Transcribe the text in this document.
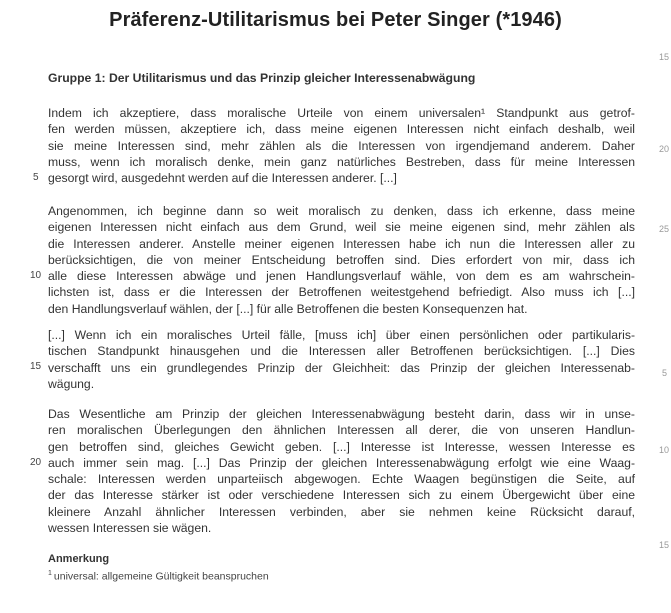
Präferenz-Utilitarismus bei Peter Singer (*1946)
Gruppe 1: Der Utilitarismus und das Prinzip gleicher Interessenabwägung
Indem ich akzeptiere, dass moralische Urteile von einem universalen¹ Standpunkt aus getrof-
fen werden müssen, akzeptiere ich, dass meine eigenen Interessen nicht einfach deshalb, weil
sie meine Interessen sind, mehr zählen als die Interessen von irgendjemand anderem. Daher
muss, wenn ich moralisch denke, mein ganz natürliches Bestreben, dass für meine Interessen
gesorgt wird, ausgedehnt werden auf die Interessen anderer. [...]
Angenommen, ich beginne dann so weit moralisch zu denken, dass ich erkenne, dass meine
eigenen Interessen nicht einfach aus dem Grund, weil sie meine eigenen sind, mehr zählen als
die Interessen anderer. Anstelle meiner eigenen Interessen habe ich nun die Interessen aller zu
berücksichtigen, die von meiner Entscheidung betroffen sind. Dies erfordert von mir, dass ich
alle diese Interessen abwäge und jenen Handlungsverlauf wähle, von dem es am wahrschein-
lichsten ist, dass er die Interessen der Betroffenen weitestgehend befriedigt. Also muss ich [...]
den Handlungsverlauf wählen, der [...] für alle Betroffenen die besten Konsequenzen hat.
[...] Wenn ich ein moralisches Urteil fälle, [muss ich] über einen persönlichen oder partikularis-
tischen Standpunkt hinausgehen und die Interessen aller Betroffenen berücksichtigen. [...] Dies
verschafft uns ein grundlegendes Prinzip der Gleichheit: das Prinzip der gleichen Interessenab-
wägung.
Das Wesentliche am Prinzip der gleichen Interessenabwägung besteht darin, dass wir in unse-
ren moralischen Überlegungen den ähnlichen Interessen all derer, die von unseren Handlun-
gen betroffen sind, gleiches Gewicht geben. [...] Interesse ist Interesse, wessen Interesse es
auch immer sein mag. [...] Das Prinzip der gleichen Interessenabwägung erfolgt wie eine Waag-
schale: Interessen werden unparteiisch abgewogen. Echte Waagen begünstigen die Seite, auf
der das Interesse stärker ist oder verschiedene Interessen sich zu einem Übergewicht über eine
kleinere Anzahl ähnlicher Interessen verbinden, aber sie nehmen keine Rücksicht darauf,
wessen Interessen sie wägen.
5
10
15
20
15
20
25
5
10
15
Anmerkung
$^1$ universal: allgemeine Gültigkeit beanspruchen
